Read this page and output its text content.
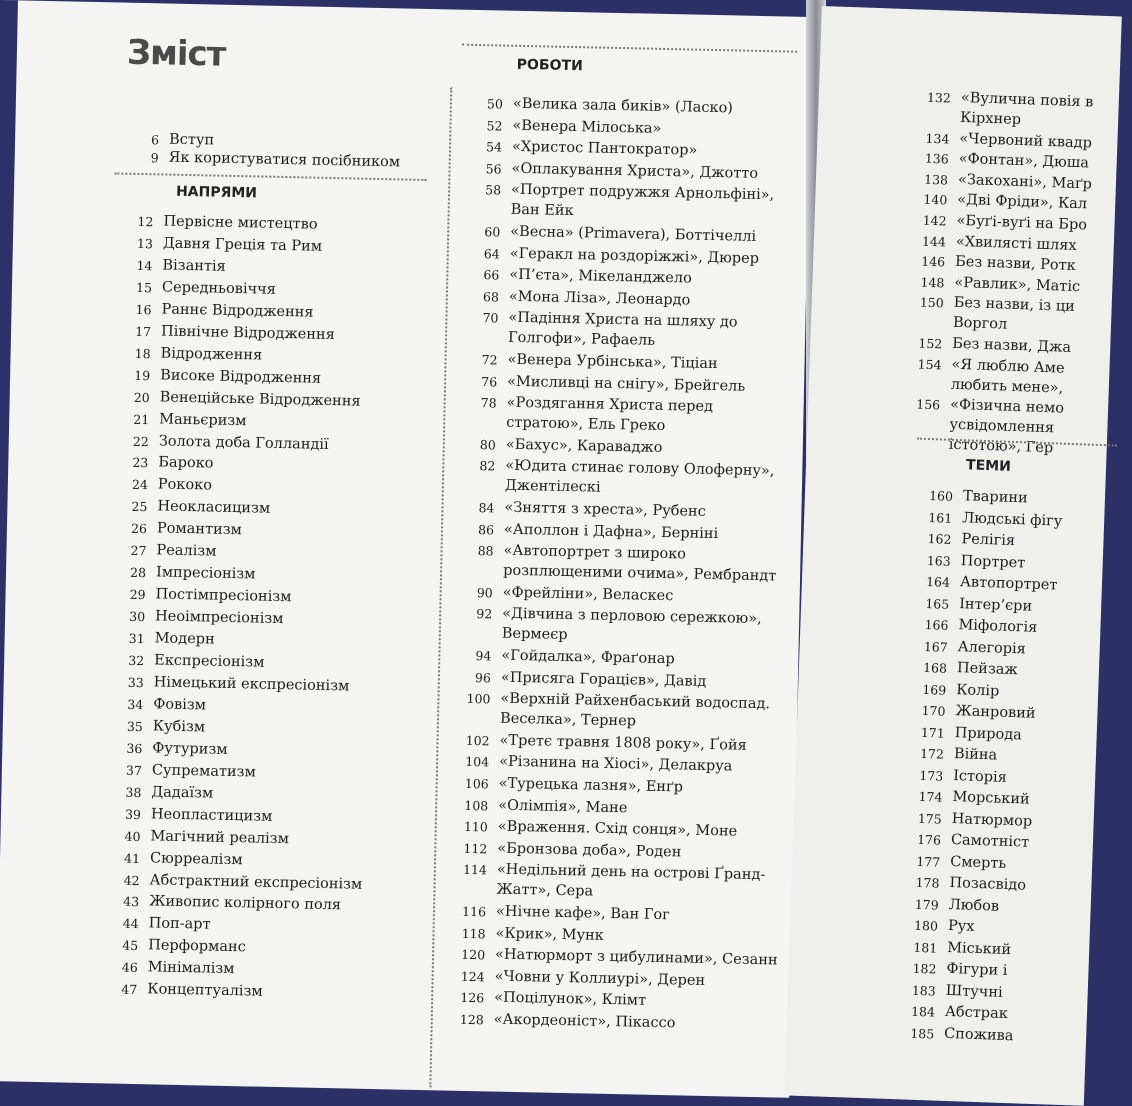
Зміст
6 Вступ
9 Як користуватися посібником
НАПРЯМИ
12 Первісне мистецтво
13 Давня Греція та Рим
14 Візантія
15 Середньовіччя
16 Раннє Відродження
17 Північне Відродження
18 Відродження
19 Високе Відродження
20 Венеційське Відродження
21 Маньєризм
22 Золота доба Голландії
23 Бароко
24 Рококо
25 Неокласицизм
26 Романтизм
27 Реалізм
28 Імпресіонізм
29 Постімпресіонізм
30 Неоімпресіонізм
31 Модерн
32 Експресіонізм
33 Німецький експресіонізм
34 Фовізм
35 Кубізм
36 Футуризм
37 Супрематизм
38 Дадаїзм
39 Неопластицизм
40 Магічний реалізм
41 Сюрреалізм
42 Абстрактний експресіонізм
43 Живопис колірного поля
44 Поп-арт
45 Перформанс
46 Мінімалізм
47 Концептуалізм
РОБОТИ
50 «Велика зала биків» (Ласко)
52 «Венера Мілоська»
54 «Христос Пантократор»
56 «Оплакування Христа», Джотто
58 «Портрет подружжя Арнольфіні»,
Ван Ейк
60 «Весна» (Primavera), Боттічеллі
64 «Геракл на роздоріжжі», Дюрер
66 «П’єта», Мікеланджело
68 «Мона Ліза», Леонардо
70 «Падіння Христа на шляху до
Голгофи», Рафаель
72 «Венера Урбінська», Тіціан
76 «Мисливці на снігу», Брейгель
78 «Роздягання Христа перед
стратою», Ель Греко
80 «Бахус», Караваджо
82 «Юдита стинає голову Олоферну»,
Джентілескі
84 «Зняття з хреста», Рубенс
86 «Аполлон і Дафна», Берніні
88 «Автопортрет з широко
розплющеними очима», Рембрандт
90 «Фрейліни», Веласкес
92 «Дівчина з перловою сережкою»,
Вермеєр
94 «Гойдалка», Фраґонар
96 «Присяга Горацієв», Давід
100 «Верхній Райхенбаський водоспад.
Веселка», Тернер
102 «Третє травня 1808 року», Ґойя
104 «Різанина на Хіосі», Делакруа
106 «Турецька лазня», Енґр
108 «Олімпія», Мане
110 «Враження. Схід сонця», Моне
112 «Бронзова доба», Роден
114 «Недільний день на острові Ґранд-
Жатт», Сера
116 «Нічне кафе», Ван Гог
118 «Крик», Мунк
120 «Натюрморт з цибулинами», Сезанн
124 «Човни у Коллиурі», Дерен
126 «Поцілунок», Клімт
128 «Акордеоніст», Пікассо
132 «Вулична повія в
Кірхнер
134 «Червоний квадр
136 «Фонтан», Дюша
138 «Закохані», Маґр
140 «Дві Фріди», Кал
142 «Буґі-вуґі на Бро
144 «Хвилясті шлях
146 Без назви, Ротк
148 «Равлик», Матіс
150 Без назви, із ци
Воргол
152 Без назви, Джа
154 «Я люблю Аме
любить мене»,
156 «Фізична немо
усвідомлення
істотою», Гер
ТЕМИ
160 Тварини
161 Людські фігу
162 Релігія
163 Портрет
164 Автопортрет
165 Інтер’єри
166 Міфологія
167 Алегорія
168 Пейзаж
169 Колір
170 Жанровий
171 Природа
172 Війна
173 Історія
174 Морський
175 Натюрмор
176 Самотніст
177 Смерть
178 Позасвідо
179 Любов
180 Рух
181 Міський
182 Фігури і
183 Штучні
184 Абстрак
185 Спожива
